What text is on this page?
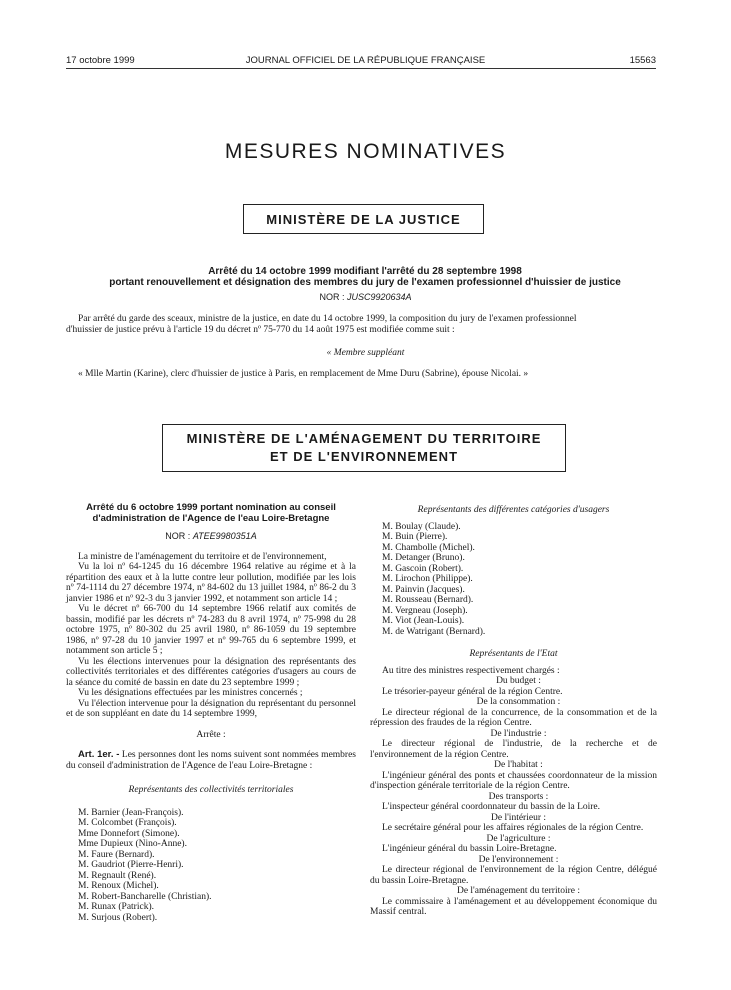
17 octobre 1999	JOURNAL OFFICIEL DE LA RÉPUBLIQUE FRANÇAISE	15563
MESURES NOMINATIVES
MINISTÈRE DE LA JUSTICE
Arrêté du 14 octobre 1999 modifiant l'arrêté du 28 septembre 1998
portant renouvellement et désignation des membres du jury de l'examen professionnel d'huissier de justice
NOR : JUSC9920634A
Par arrêté du garde des sceaux, ministre de la justice, en date du 14 octobre 1999, la composition du jury de l'examen professionnel
d'huissier de justice prévu à l'article 19 du décret nº 75-770 du 14 août 1975 est modifiée comme suit :
« Membre suppléant
« Mlle Martin (Karine), clerc d'huissier de justice à Paris, en remplacement de Mme Duru (Sabrine), épouse Nicolai. »
MINISTÈRE DE L'AMÉNAGEMENT DU TERRITOIRE
ET DE L'ENVIRONNEMENT
Arrêté du 6 octobre 1999 portant nomination au conseil
d'administration de l'Agence de l'eau Loire-Bretagne
NOR : ATEE9980351A

La ministre de l'aménagement du territoire et de l'environnement,

Vu la loi nº 64-1245 du 16 décembre 1964 relative au régime et à la répartition des eaux et à la lutte contre leur pollution, modifiée par les lois nº 74-1114 du 27 décembre 1974, nº 84-602 du 13 juillet 1984, nº 86-2 du 3 janvier 1986 et nº 92-3 du 3 janvier 1992, et notamment son article 14 ;

Vu le décret nº 66-700 du 14 septembre 1966 relatif aux comités de bassin, modifié par les décrets nº 74-283 du 8 avril 1974, nº 75-998 du 28 octobre 1975, nº 80-302 du 25 avril 1980, nº 86-1059 du 19 septembre 1986, nº 97-28 du 10 janvier 1997 et nº 99-765 du 6 septembre 1999, et notamment son article 5 ;

Vu les élections intervenues pour la désignation des représentants des collectivités territoriales et des différentes catégories d'usagers au cours de la séance du comité de bassin en date du 23 septembre 1999 ;

Vu les désignations effectuées par les ministres concernés ;

Vu l'élection intervenue pour la désignation du représentant du personnel et de son suppléant en date du 14 septembre 1999,

Arrête :

Art. 1er. - Les personnes dont les noms suivent sont nommées membres du conseil d'administration de l'Agence de l'eau Loire-Bretagne :

Représentants des collectivités territoriales

M. Barnier (Jean-François).
M. Colcombet (François).
Mme Donnefort (Simone).
Mme Dupieux (Nino-Anne).
M. Faure (Bernard).
M. Gaudriot (Pierre-Henri).
M. Regnault (René).
M. Renoux (Michel).
M. Robert-Bancharelle (Christian).
M. Runax (Patrick).
M. Surjous (Robert).

Représentants des différentes catégories d'usagers

M. Boulay (Claude).
M. Buin (Pierre).
M. Chambolle (Michel).
M. Detanger (Bruno).
M. Gascoin (Robert).
M. Lirochon (Philippe).
M. Painvin (Jacques).
M. Rousseau (Bernard).
M. Vergneau (Joseph).
M. Viot (Jean-Louis).
M. de Watrigant (Bernard).

Représentants de l'Etat

Au titre des ministres respectivement chargés :

Du budget :

Le trésorier-payeur général de la région Centre.

De la consommation :

Le directeur régional de la concurrence, de la consommation et de la répression des fraudes de la région Centre.

De l'industrie :

Le directeur régional de l'industrie, de la recherche et de l'environnement de la région Centre.

De l'habitat :

L'ingénieur général des ponts et chaussées coordonnateur de la mission d'inspection générale territoriale de la région Centre.

Des transports :

L'inspecteur général coordonnateur du bassin de la Loire.

De l'intérieur :

Le secrétaire général pour les affaires régionales de la région Centre.

De l'agriculture :

L'ingénieur général du bassin Loire-Bretagne.

De l'environnement :

Le directeur régional de l'environnement de la région Centre, délégué du bassin Loire-Bretagne.

De l'aménagement du territoire :

Le commissaire à l'aménagement et au développement économique du Massif central.
